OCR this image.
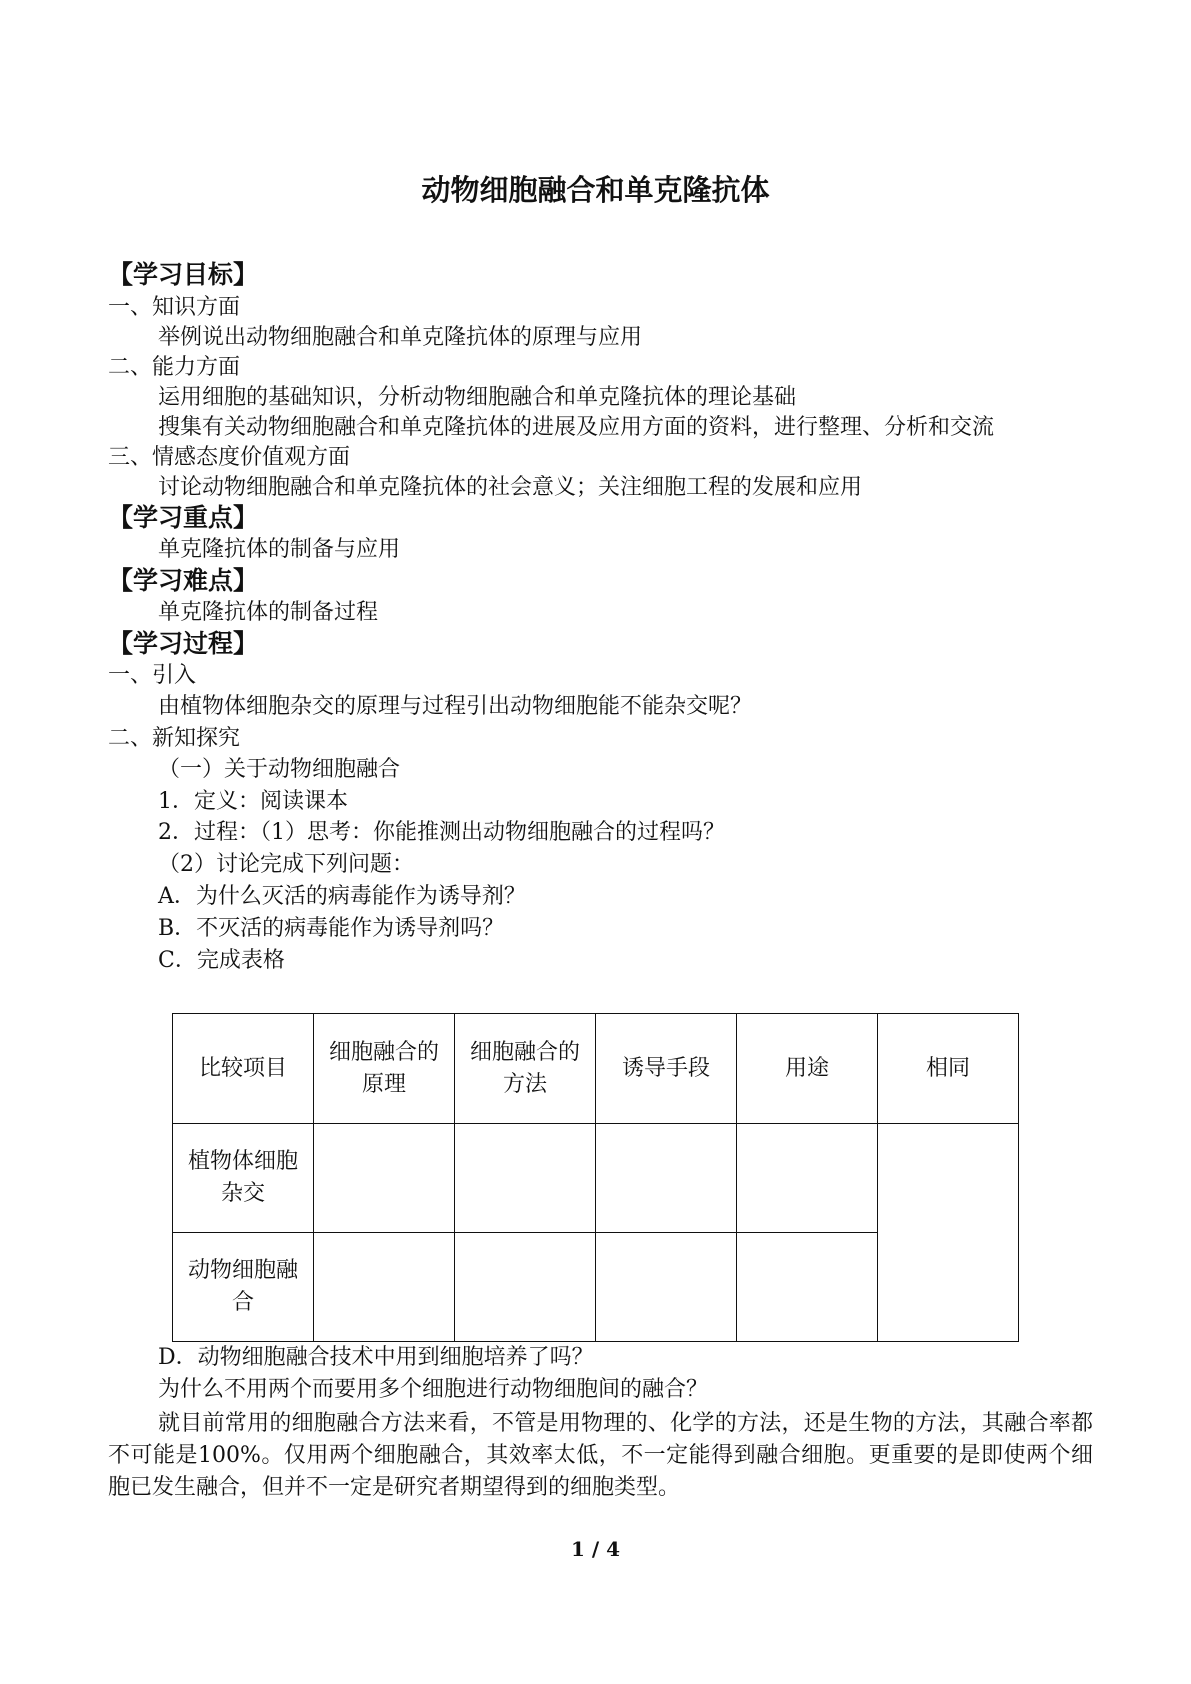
动物细胞融合和单克隆抗体
【学习目标】
一、知识方面
举例说出动物细胞融合和单克隆抗体的原理与应用
二、能力方面
运用细胞的基础知识，分析动物细胞融合和单克隆抗体的理论基础
搜集有关动物细胞融合和单克隆抗体的进展及应用方面的资料，进行整理、分析和交流
三、情感态度价值观方面
讨论动物细胞融合和单克隆抗体的社会意义；关注细胞工程的发展和应用
【学习重点】
单克隆抗体的制备与应用
【学习难点】
单克隆抗体的制备过程
【学习过程】
一、引入
由植物体细胞杂交的原理与过程引出动物细胞能不能杂交呢？
二、新知探究
（一）关于动物细胞融合
1．定义：阅读课本
2．过程：（1）思考：你能推测出动物细胞融合的过程吗？
（2）讨论完成下列问题：
A．为什么灭活的病毒能作为诱导剂？
B．不灭活的病毒能作为诱导剂吗？
C．完成表格
比较项目	细胞融合的原理	细胞融合的方法	诱导手段	用途	相同
植物体细胞杂交					
动物细胞融合					
D．动物细胞融合技术中用到细胞培养了吗？
为什么不用两个而要用多个细胞进行动物细胞间的融合？
就目前常用的细胞融合方法来看，不管是用物理的、化学的方法，还是生物的方法，其融合率都不可能是100%。仅用两个细胞融合，其效率太低，不一定能得到融合细胞。更重要的是即使两个细胞已发生融合，但并不一定是研究者期望得到的细胞类型。
1 / 4
